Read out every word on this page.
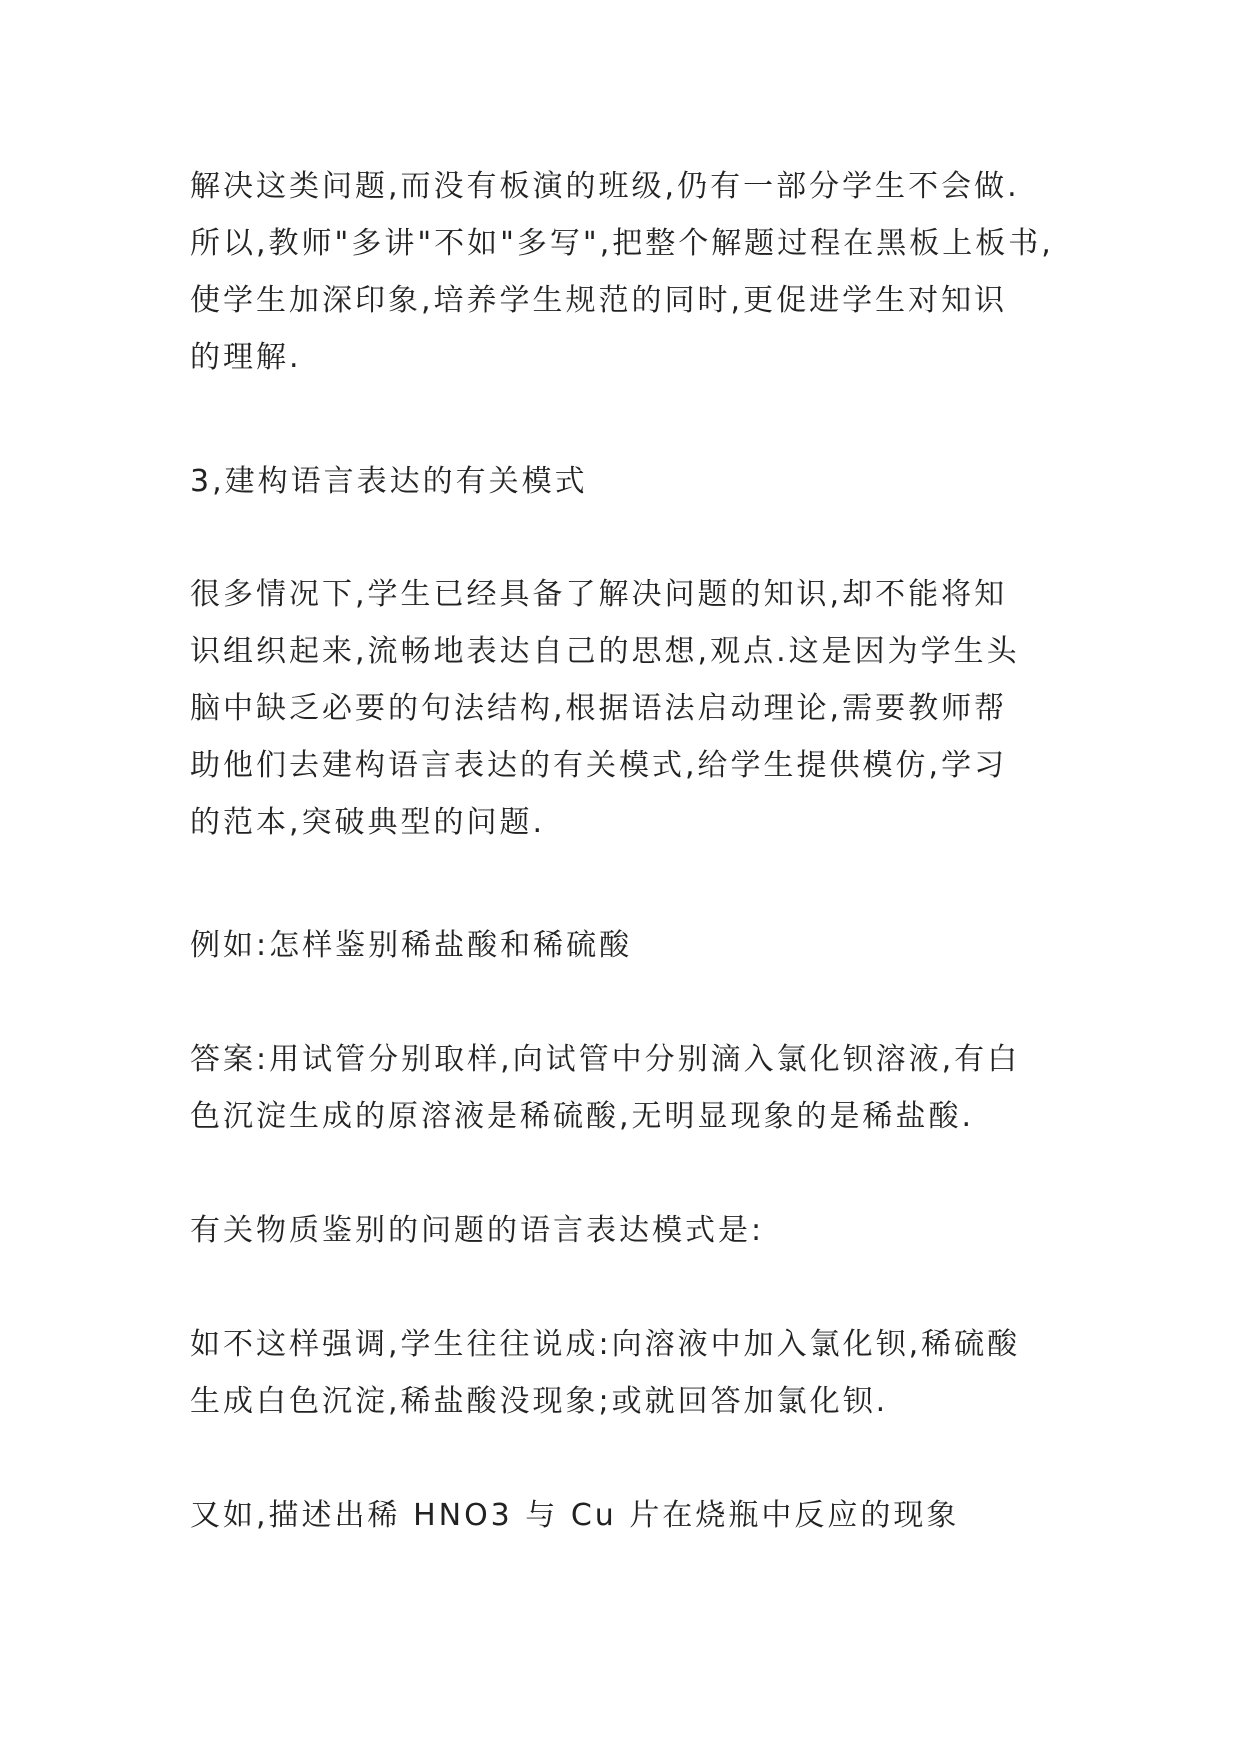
解决这类问题,而没有板演的班级,仍有一部分学生不会做.
所以,教师"多讲"不如"多写",把整个解题过程在黑板上板书,
使学生加深印象,培养学生规范的同时,更促进学生对知识
的理解.
3,建构语言表达的有关模式
很多情况下,学生已经具备了解决问题的知识,却不能将知
识组织起来,流畅地表达自己的思想,观点.这是因为学生头
脑中缺乏必要的句法结构,根据语法启动理论,需要教师帮
助他们去建构语言表达的有关模式,给学生提供模仿,学习
的范本,突破典型的问题.
例如:怎样鉴别稀盐酸和稀硫酸
答案:用试管分别取样,向试管中分别滴入氯化钡溶液,有白
色沉淀生成的原溶液是稀硫酸,无明显现象的是稀盐酸.
有关物质鉴别的问题的语言表达模式是:
如不这样强调,学生往往说成:向溶液中加入氯化钡,稀硫酸
生成白色沉淀,稀盐酸没现象;或就回答加氯化钡.
又如,描述出稀 HNO3 与 Cu 片在烧瓶中反应的现象
